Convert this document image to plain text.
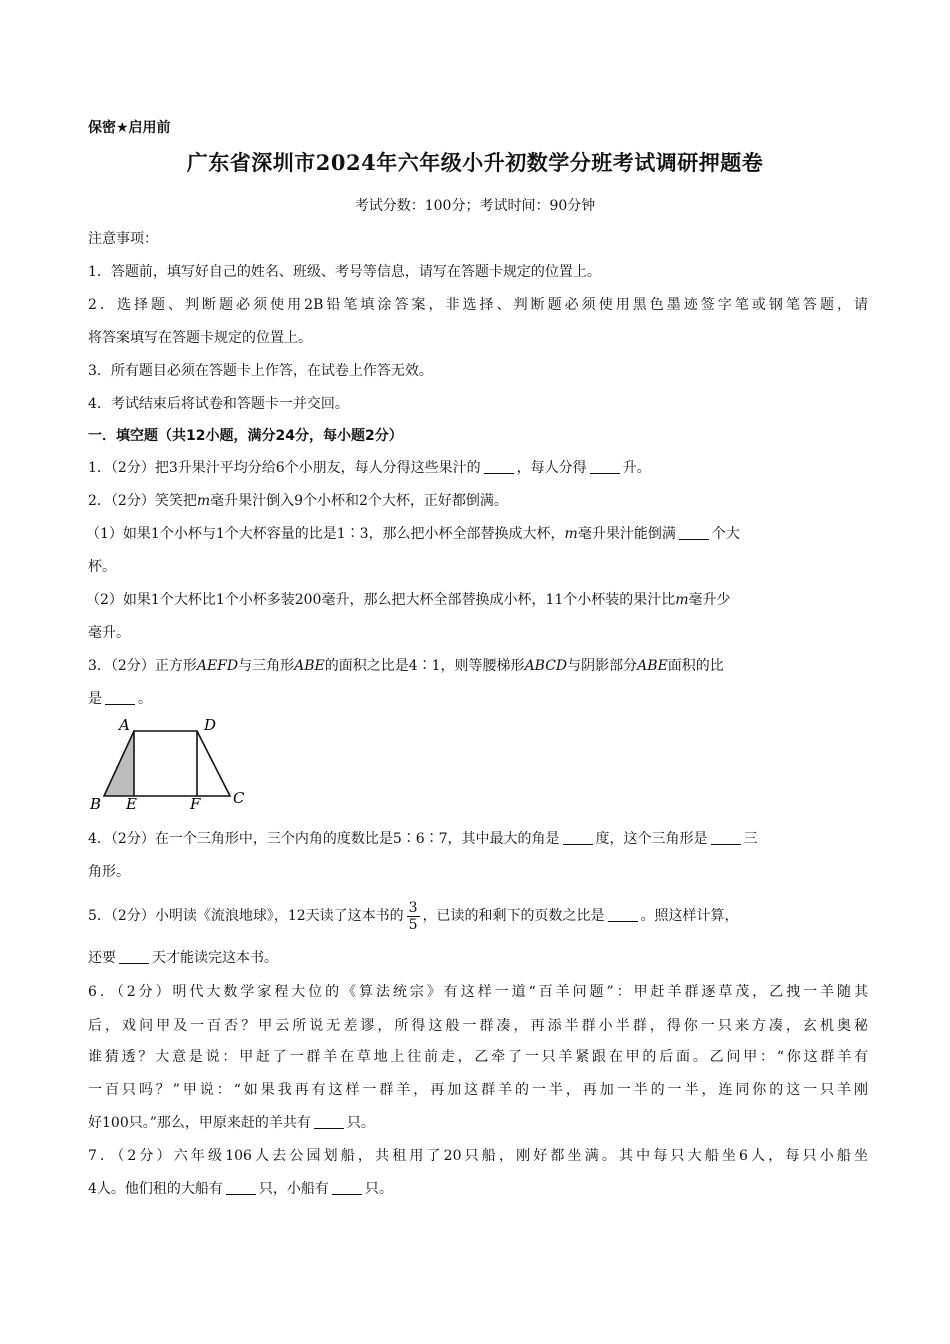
保密★启用前
广东省深圳市2024年六年级小升初数学分班考试调研押题卷
考试分数：100分；考试时间：90分钟
注意事项：
1．答题前，填写好自己的姓名、班级、考号等信息，请写在答题卡规定的位置上。
2．选择题、判断题必须使用2B铅笔填涂答案，非选择、判断题必须使用黑色墨迹签字笔或钢笔答题，请
将答案填写在答题卡规定的位置上。
3．所有题目必须在答题卡上作答，在试卷上作答无效。
4．考试结束后将试卷和答题卡一并交回。
一．填空题（共12小题，满分24分，每小题2分）
1．（2分）把3升果汁平均分给6个小朋友，每人分得这些果汁的	，每人分得	升。
2．（2分）笑笑把m毫升果汁倒入9个小杯和2个大杯，正好都倒满。
（1）如果1个小杯与1个大杯容量的比是1∶3，那么把小杯全部替换成大杯，m毫升果汁能倒满	个大
杯。
（2）如果1个大杯比1个小杯多装200毫升，那么把大杯全部替换成小杯，11个小杯装的果汁比m毫升少
毫升。
3．（2分）正方形AEFD与三角形ABE的面积之比是4∶1，则等腰梯形ABCD与阴影部分ABE面积的比
是	。
A	D
B E	F C
4．（2分）在一个三角形中，三个内角的度数比是5∶6∶7，其中最大的角是	度，这个三角形是	三
角形。
5．（2分）小明读《流浪地球》，12天读了这本书的 $\frac{3}{5}$ ，已读的和剩下的页数之比是	。照这样计算，
还要	天才能读完这本书。
6．（2分）明代大数学家程大位的《算法统宗》有这样一道“百羊问题”：甲赶羊群逐草茂，乙拽一羊随其
后，戏问甲及一百否？甲云所说无差谬，所得这般一群凑，再添半群小半群，得你一只来方凑，玄机奥秘
谁猜透？大意是说：甲赶了一群羊在草地上往前走，乙牵了一只羊紧跟在甲的后面。乙问甲：“你这群羊有
一百只吗？”甲说：“如果我再有这样一群羊，再加这群羊的一半，再加一半的一半，连同你的这一只羊刚
好100只。”那么，甲原来赶的羊共有	只。
7．（2分）六年级106人去公园划船，共租用了20只船，刚好都坐满。其中每只大船坐6人，每只小船坐
4人。他们租的大船有	只，小船有	只。
